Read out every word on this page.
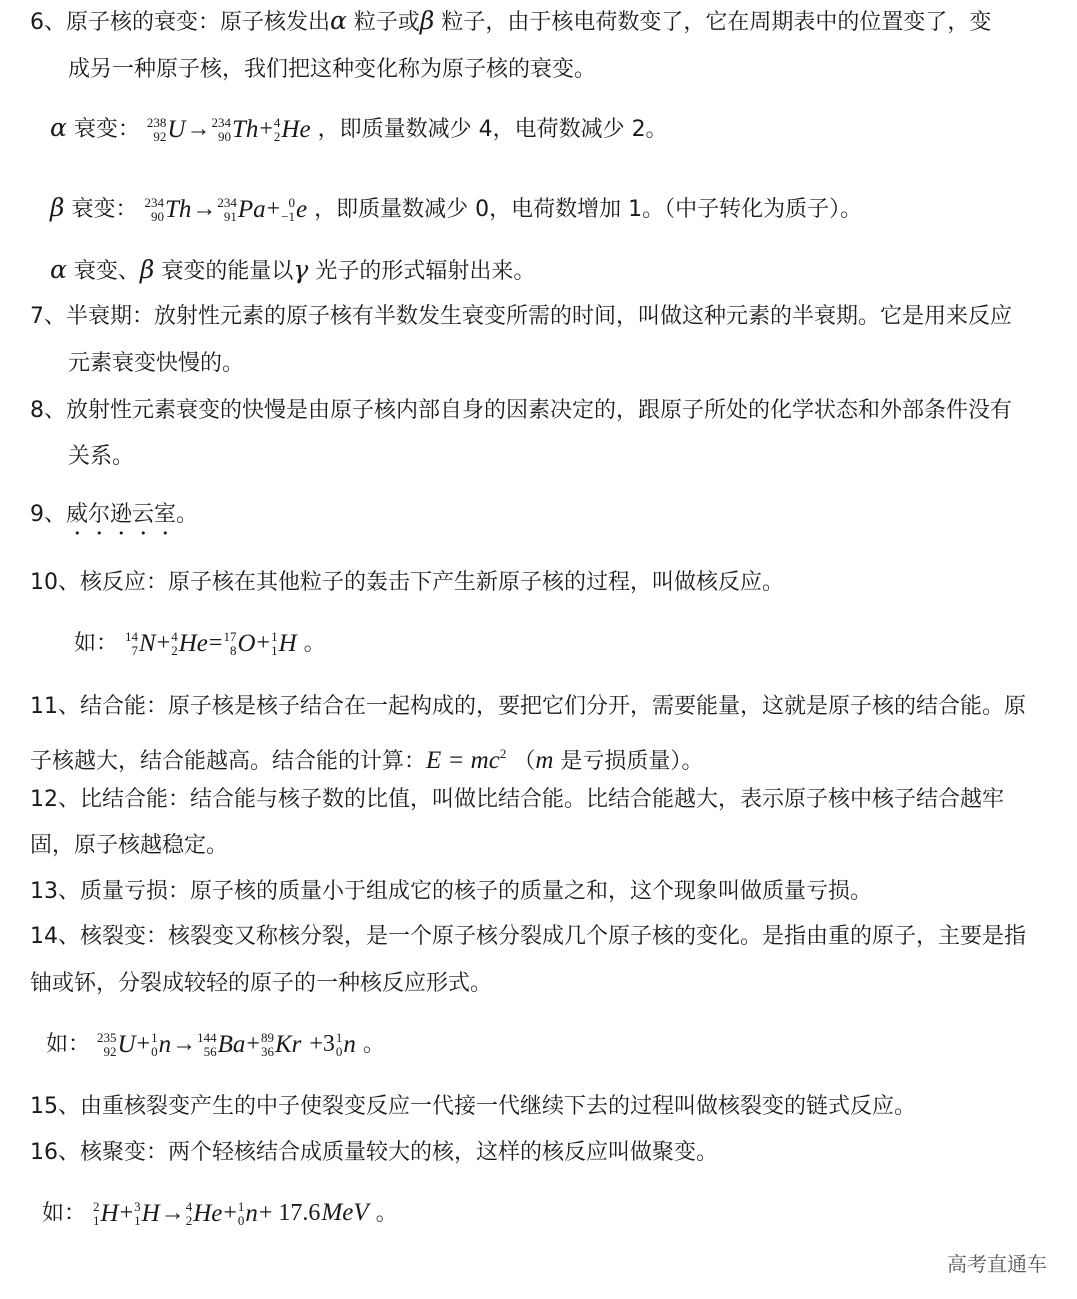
6、原子核的衰变：原子核发出α 粒子或β 粒子，由于核电荷数变了，它在周期表中的位置变了，变
成另一种原子核，我们把这种变化称为原子核的衰变。
α 衰变： 238
92 U → 234
90 Th + 4
2 He ，即质量数减少 4，电荷数减少 2。
β 衰变： 234
90 Th → 234
91 Pa + 0
−1 e ，即质量数减少 0，电荷数增加 1。（中子转化为质子）。
α 衰变、β 衰变的能量以γ 光子的形式辐射出来。
7、半衰期：放射性元素的原子核有半数发生衰变所需的时间，叫做这种元素的半衰期。它是用来反应
元素衰变快慢的。
8、放射性元素衰变的快慢是由原子核内部自身的因素决定的，跟原子所处的化学状态和外部条件没有
关系。
9、威尔逊云室。
10、核反应：原子核在其他粒子的轰击下产生新原子核的过程，叫做核反应。
如： 14
7 N + 4
2 He = 17
8 O + 1
1 H 。
11、结合能：原子核是核子结合在一起构成的，要把它们分开，需要能量，这就是原子核的结合能。原
子核越大，结合能越高。结合能的计算：$E = mc^2$ （m 是亏损质量）。
12、比结合能：结合能与核子数的比值，叫做比结合能。比结合能越大，表示原子核中核子结合越牢
固，原子核越稳定。
13、质量亏损：原子核的质量小于组成它的核子的质量之和，这个现象叫做质量亏损。
14、核裂变：核裂变又称核分裂，是一个原子核分裂成几个原子核的变化。是指由重的原子，主要是指
铀或钚，分裂成较轻的原子的一种核反应形式。
如： 235
92 U + 1
0 n → 144
56 Ba + 89
36 Kr +3 1
0 n 。
15、由重核裂变产生的中子使裂变反应一代接一代继续下去的过程叫做核裂变的链式反应。
16、核聚变：两个轻核结合成质量较大的核，这样的核反应叫做聚变。
如： 2
1 H + 3
1 H → 4
2 He + 1
0 n + 17.6MeV 。
高考直通车
